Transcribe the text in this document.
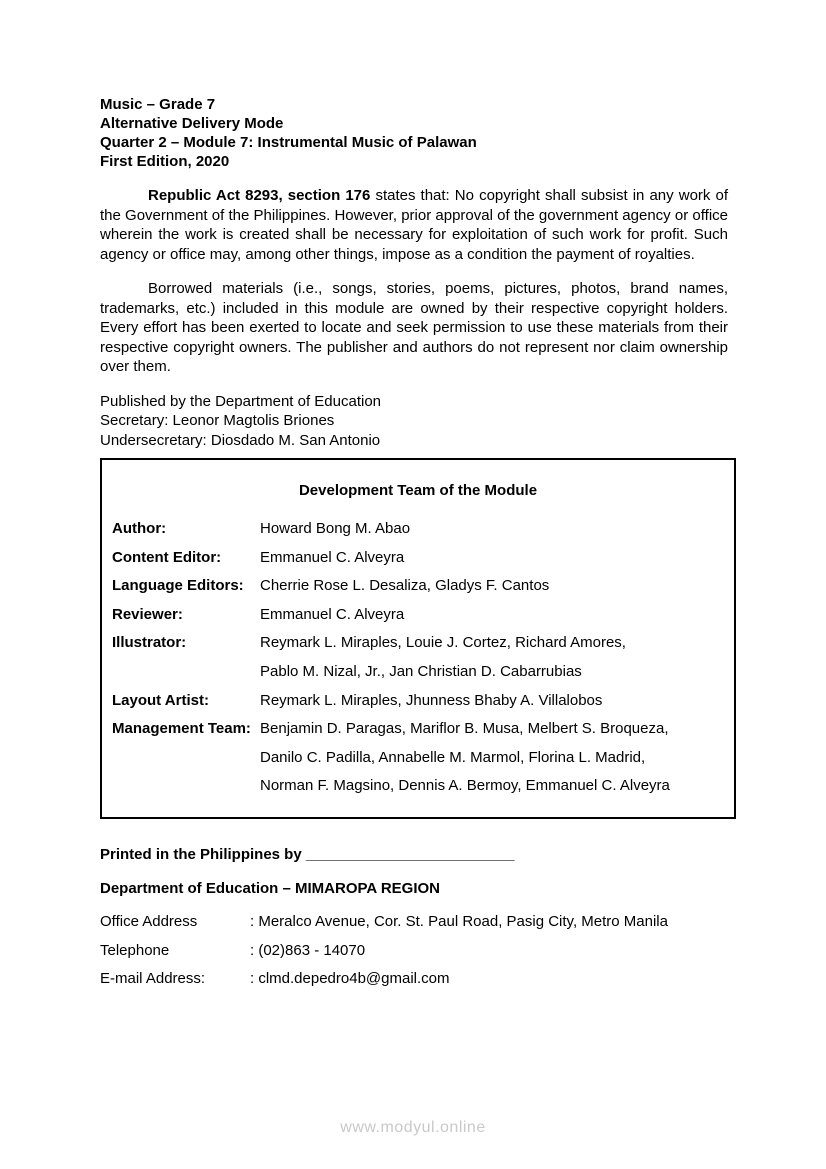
Music – Grade 7
Alternative Delivery Mode
Quarter 2 – Module 7: Instrumental Music of Palawan
First Edition, 2020

Republic Act 8293, section 176 states that: No copyright shall subsist in any work of the Government of the Philippines. However, prior approval of the government agency or office wherein the work is created shall be necessary for exploitation of such work for profit. Such agency or office may, among other things, impose as a condition the payment of royalties.

Borrowed materials (i.e., songs, stories, poems, pictures, photos, brand names, trademarks, etc.) included in this module are owned by their respective copyright holders. Every effort has been exerted to locate and seek permission to use these materials from their respective copyright owners. The publisher and authors do not represent nor claim ownership over them.

Published by the Department of Education
Secretary: Leonor Magtolis Briones
Undersecretary: Diosdado M. San Antonio
Development Team of the Module
Author:	Howard Bong M. Abao
Content Editor:	Emmanuel C. Alveyra
Language Editors:	Cherrie Rose L. Desaliza, Gladys F. Cantos
Reviewer:	Emmanuel C. Alveyra
Illustrator:	Reymark L. Miraples, Louie J. Cortez, Richard Amores,
Pablo M. Nizal, Jr., Jan Christian D. Cabarrubias
Layout Artist:	Reymark L. Miraples, Jhunness Bhaby A. Villalobos
Management Team: Benjamin D. Paragas, Mariflor B. Musa, Melbert S. Broqueza,
Danilo C. Padilla, Annabelle M. Marmol, Florina L. Madrid,
Norman F. Magsino, Dennis A. Bermoy, Emmanuel C. Alveyra
Printed in the Philippines by _________________________
Department of Education – MIMAROPA REGION
Office Address	: Meralco Avenue, Cor. St. Paul Road, Pasig City, Metro Manila
Telephone	: (02)863 - 14070
E-mail Address:	: clmd.depedro4b@gmail.com
www.modyul.online
